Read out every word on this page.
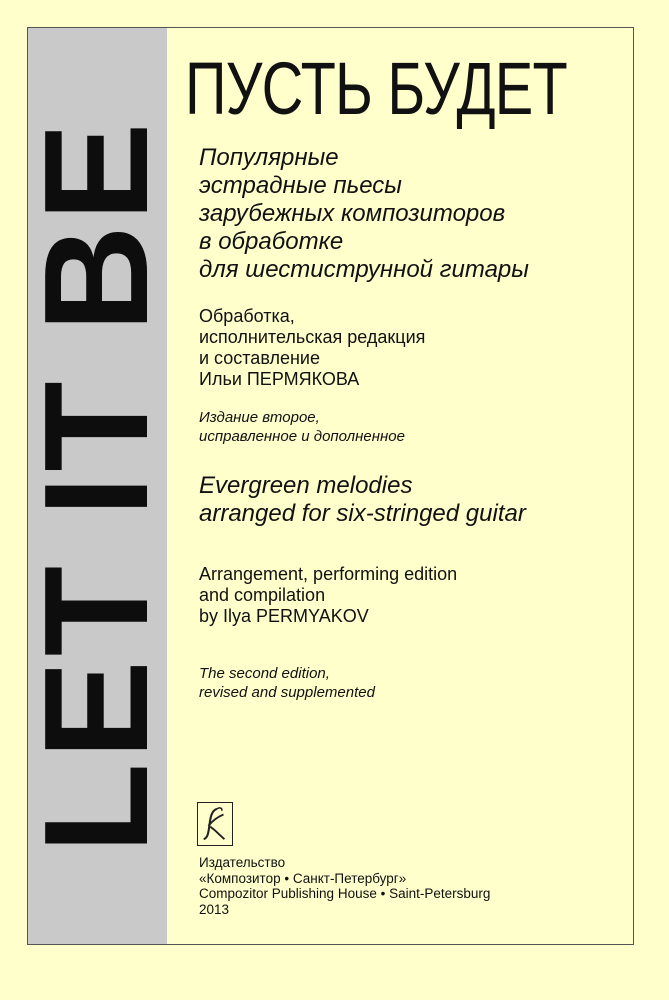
LET IT BE
ПУСТЬ БУДЕТ
Популярные
эстрадные пьесы
зарубежных композиторов
в обработке
для шестиструнной гитары
Обработка,
исполнительская редакция
и составление
Ильи ПЕРМЯКОВА
Издание второе,
исправленное и дополненное
Evergreen melodies
arranged for six-stringed guitar
Arrangement, performing edition
and compilation
by Ilya PERMYAKOV
The second edition,
revised and supplemented
Издательство
«Композитор • Санкт-Петербург»
Compozitor Publishing House • Saint-Petersburg
2013
